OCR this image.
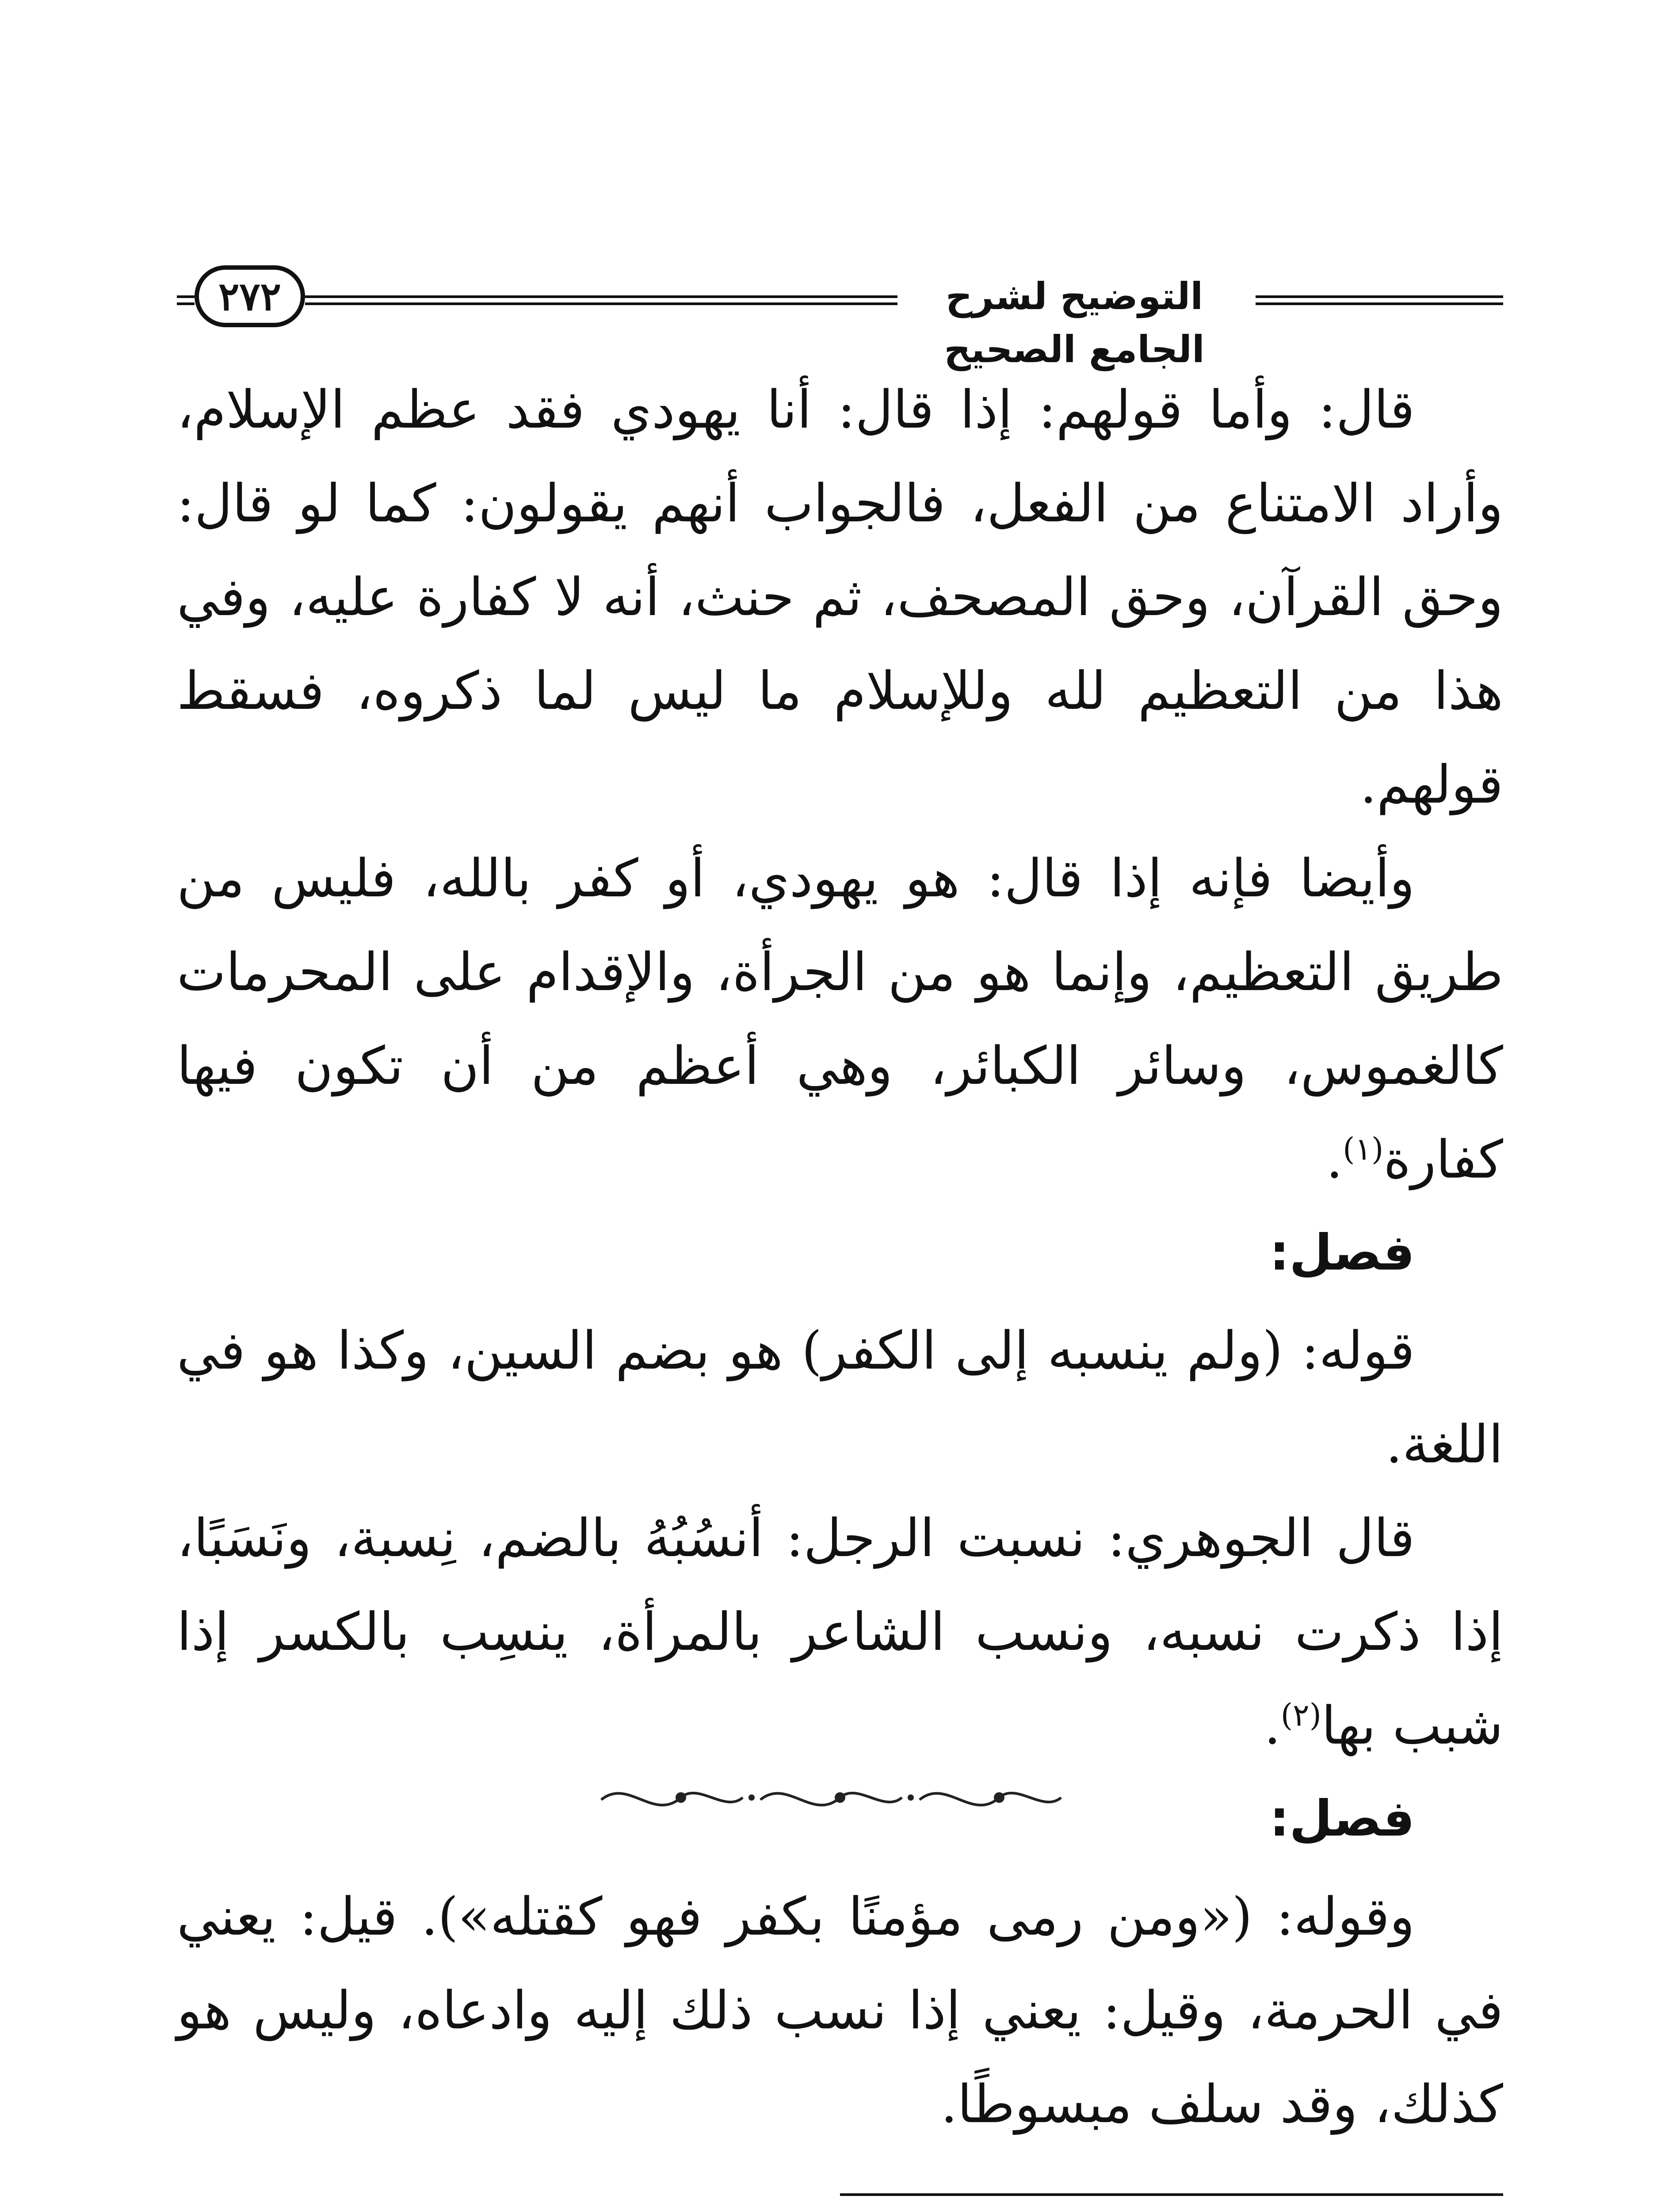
٢٧٢	التوضيح لشرح الجامع الصحيح

قال: وأما قولهم: إذا قال: أنا يهودي فقد عظم الإسلام، وأراد الامتناع من الفعل، فالجواب أنهم يقولون: كما لو قال: وحق القرآن، وحق المصحف، ثم حنث، أنه لا كفارة عليه، وفي هذا من التعظيم لله وللإسلام ما ليس لما ذكروه، فسقط قولهم.

وأيضا فإنه إذا قال: هو يهودي، أو كفر بالله، فليس من طريق التعظيم، وإنما هو من الجرأة، والإقدام على المحرمات كالغموس، وسائر الكبائر، وهي أعظم من أن تكون فيها كفارة$^{(١)}$.

فصل:

قوله: (ولم ينسبه إلى الكفر) هو بضم السين، وكذا هو في اللغة.

قال الجوهري: نسبت الرجل: أنسُبُهُ بالضم، نِسبة، ونَسَبًا، إذا ذكرت نسبه، ونسب الشاعر بالمرأة، ينسِب بالكسر إذا شبب بها$^{(٢)}$.

فصل:

وقوله: («ومن رمى مؤمنًا بكفر فهو كقتله»). قيل: يعني في الحرمة، وقيل: يعني إذا نسب ذلك إليه وادعاه، وليس هو كذلك، وقد سلف مبسوطًا.
